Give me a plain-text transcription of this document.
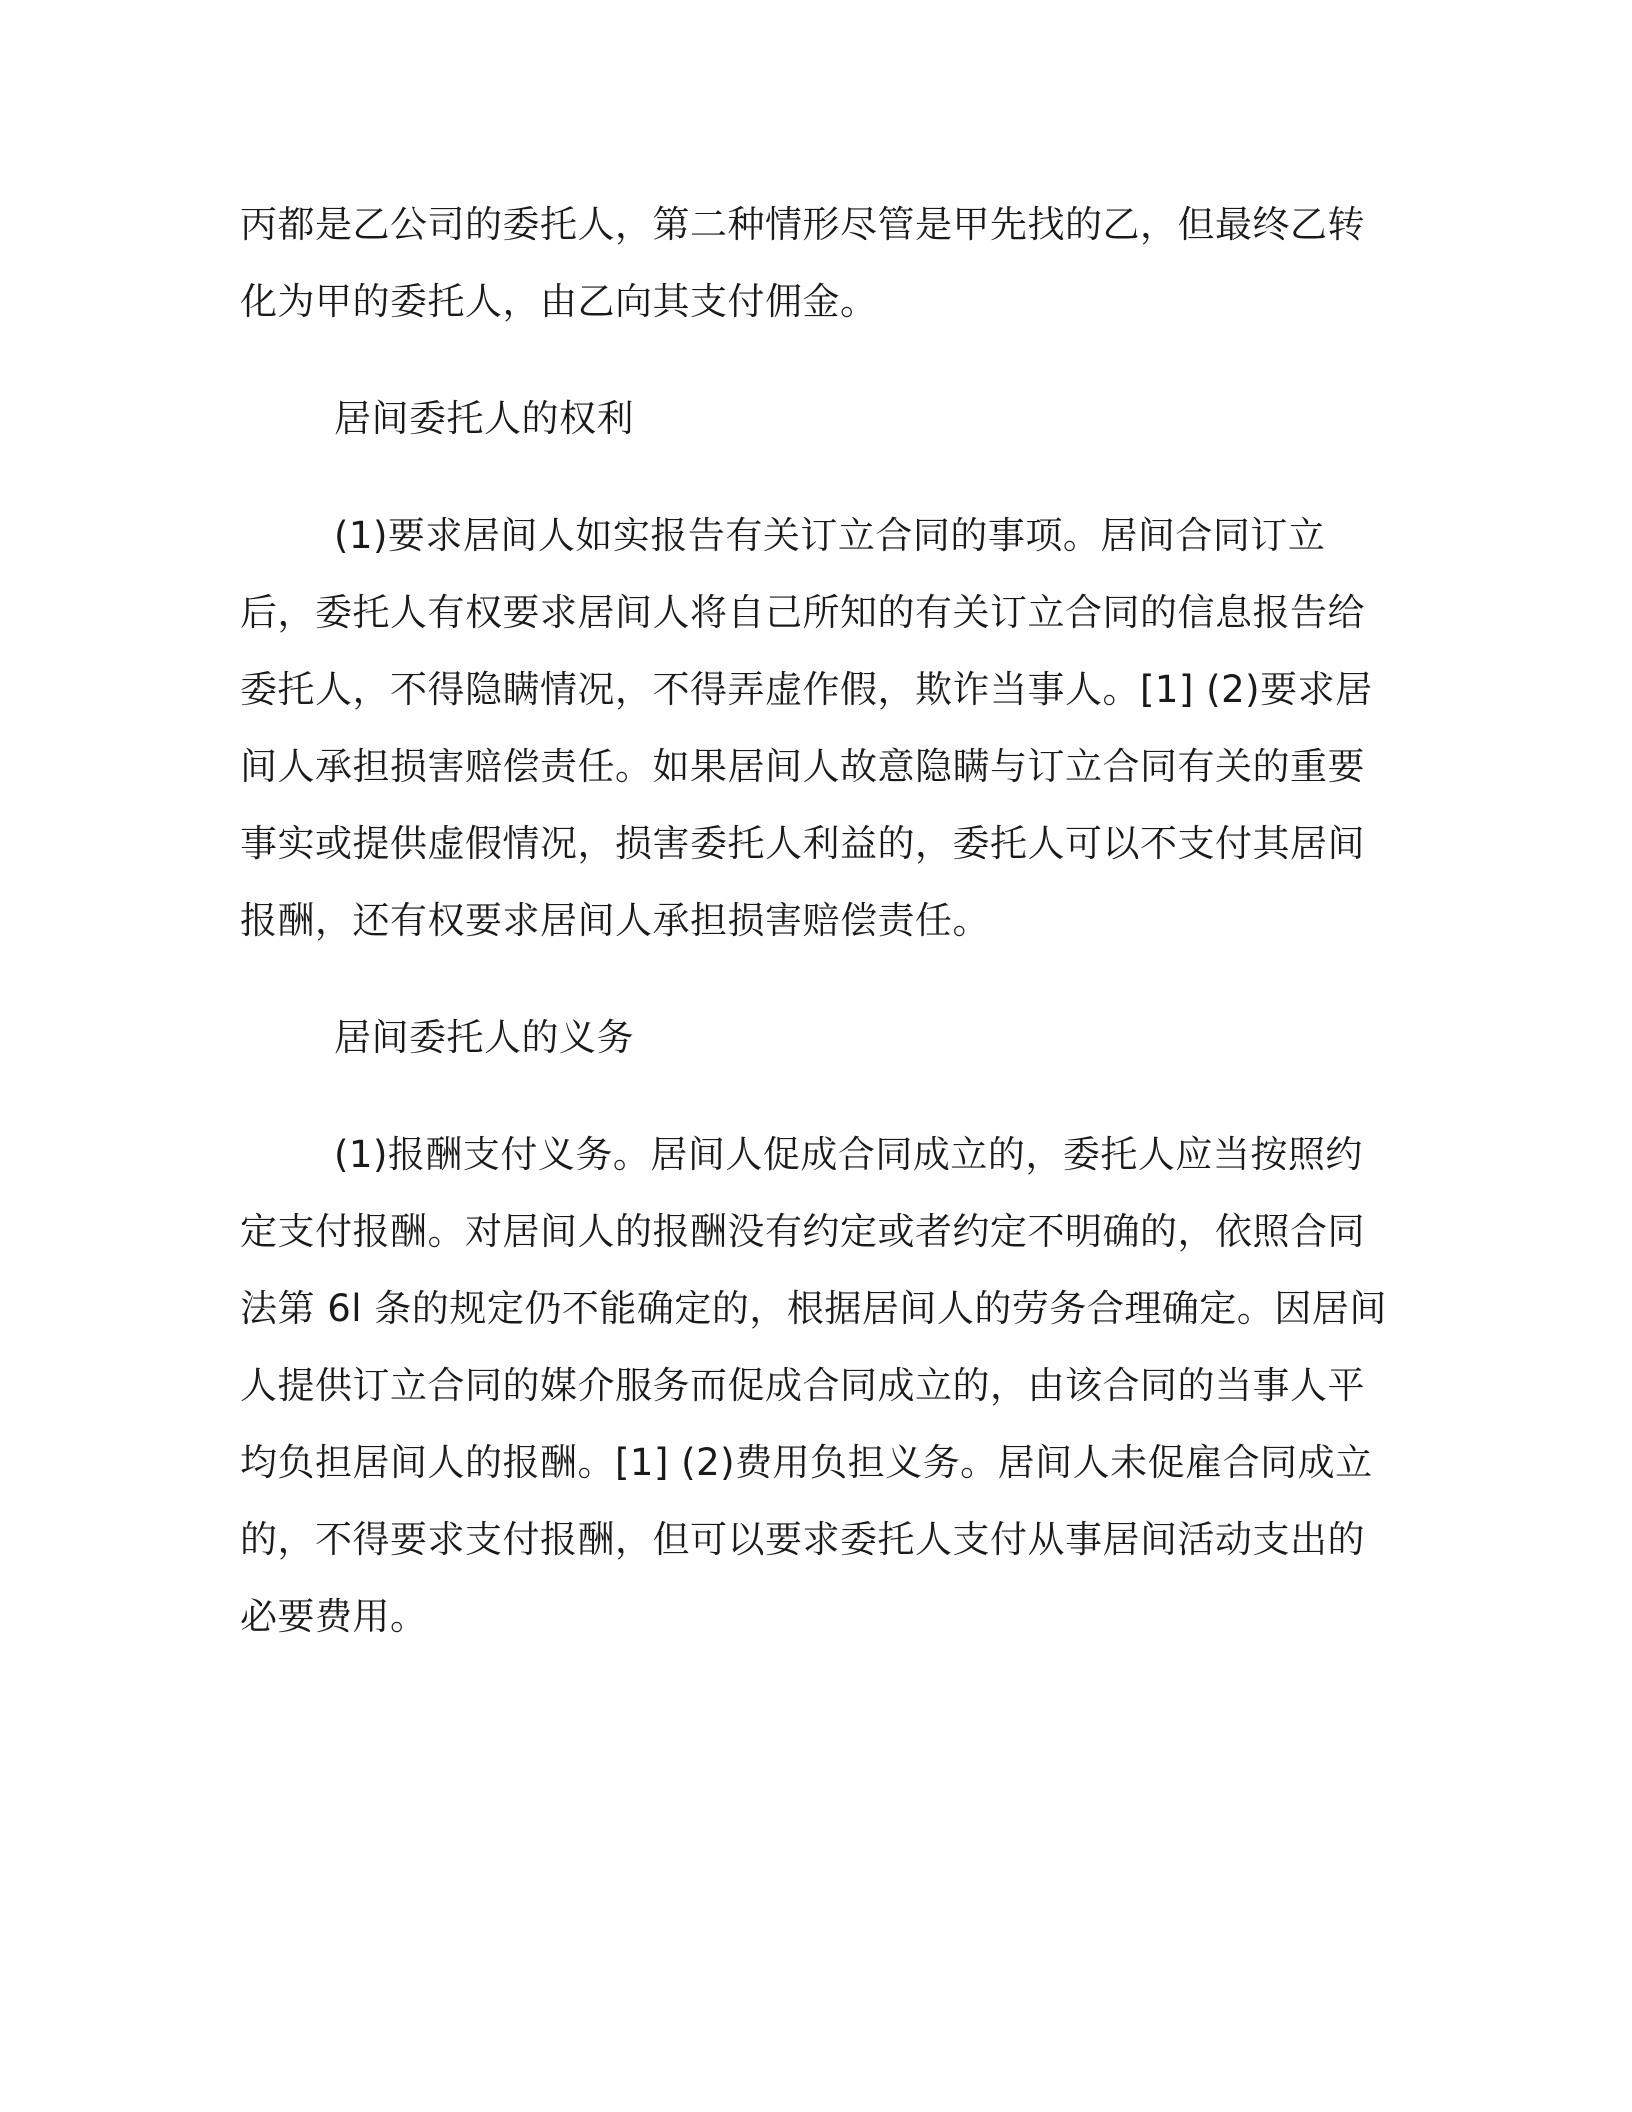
丙都是乙公司的委托人，第二种情形尽管是甲先找的乙，但最终乙转化为甲的委托人，由乙向其支付佣金。

居间委托人的权利

(1)要求居间人如实报告有关订立合同的事项。居间合同订立后，委托人有权要求居间人将自己所知的有关订立合同的信息报告给委托人，不得隐瞒情况，不得弄虚作假，欺诈当事人。[1] (2)要求居间人承担损害赔偿责任。如果居间人故意隐瞒与订立合同有关的重要事实或提供虚假情况，损害委托人利益的，委托人可以不支付其居间报酬，还有权要求居间人承担损害赔偿责任。

居间委托人的义务

(1)报酬支付义务。居间人促成合同成立的，委托人应当按照约定支付报酬。对居间人的报酬没有约定或者约定不明确的，依照合同法第 6l 条的规定仍不能确定的，根据居间人的劳务合理确定。因居间人提供订立合同的媒介服务而促成合同成立的，由该合同的当事人平均负担居间人的报酬。[1] (2)费用负担义务。居间人未促雇合同成立的，不得要求支付报酬，但可以要求委托人支付从事居间活动支出的必要费用。
